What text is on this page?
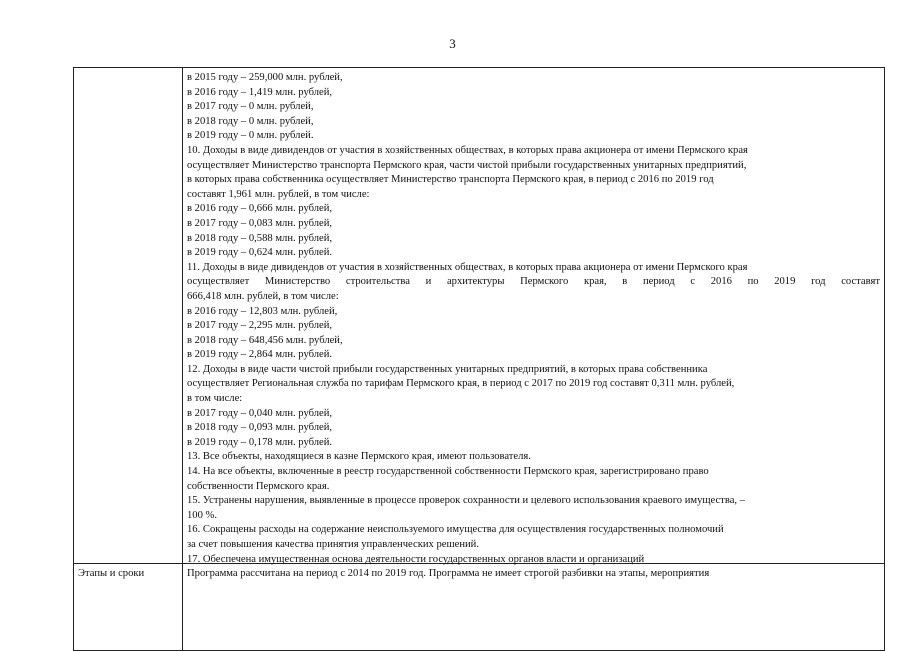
3
в 2015 году – 259,000 млн. рублей,
в 2016 году – 1,419 млн. рублей,
в 2017 году – 0 млн. рублей,
в 2018 году – 0 млн. рублей,
в 2019 году – 0 млн. рублей.
10. Доходы в виде дивидендов от участия в хозяйственных обществах, в которых права акционера от имени Пермского края
осуществляет Министерство транспорта Пермского края, части чистой прибыли государственных унитарных предприятий,
в которых права собственника осуществляет Министерство транспорта Пермского края, в период с 2016 по 2019 год
составят 1,961 млн. рублей, в том числе:
в 2016 году – 0,666 млн. рублей,
в 2017 году – 0,083 млн. рублей,
в 2018 году – 0,588 млн. рублей,
в 2019 году – 0,624 млн. рублей.
11. Доходы в виде дивидендов от участия в хозяйственных обществах, в которых права акционера от имени Пермского края
осуществляет Министерство строительства и архитектуры Пермского края, в период с 2016 по 2019 год составят
666,418 млн. рублей, в том числе:
в 2016 году – 12,803 млн. рублей,
в 2017 году – 2,295 млн. рублей,
в 2018 году – 648,456 млн. рублей,
в 2019 году – 2,864 млн. рублей.
12. Доходы в виде части чистой прибыли государственных унитарных предприятий, в которых права собственника
осуществляет Региональная служба по тарифам Пермского края, в период с 2017 по 2019 год составят 0,311 млн. рублей,
в том числе:
в 2017 году – 0,040 млн. рублей,
в 2018 году – 0,093 млн. рублей,
в 2019 году – 0,178 млн. рублей.
13. Все объекты, находящиеся в казне Пермского края, имеют пользователя.
14. На все объекты, включенные в реестр государственной собственности Пермского края, зарегистрировано право
собственности Пермского края.
15. Устранены нарушения, выявленные в процессе проверок сохранности и целевого использования краевого имущества, –
100 %.
16. Сокращены расходы на содержание неиспользуемого имущества для осуществления государственных полномочий
за счет повышения качества принятия управленческих решений.
17. Обеспечена имущественная основа деятельности государственных органов власти и организаций
Этапы и сроки	Программа рассчитана на период с 2014 по 2019 год. Программа не имеет строгой разбивки на этапы, мероприятия
